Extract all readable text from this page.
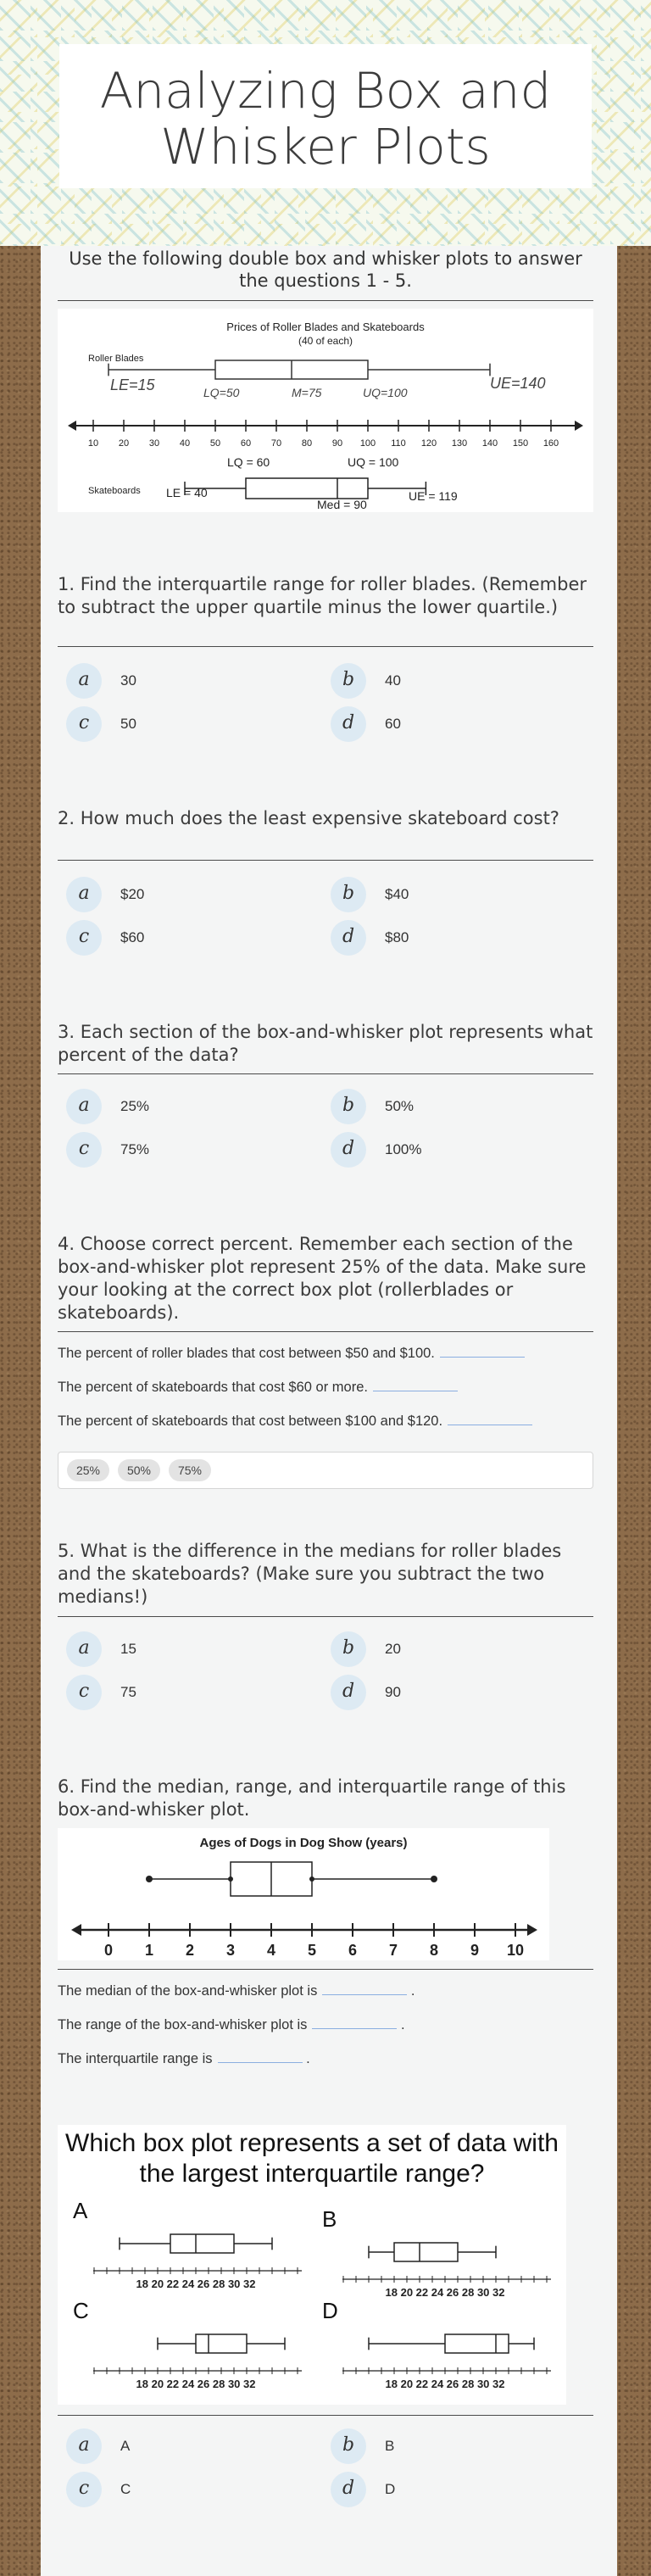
Analyzing Box and Whisker Plots
Use the following double box and whisker plots to answer the questions 1 - 5.
Prices of Roller Blades and Skateboards
(40 of each)
Roller Blades
Skateboards
10 20 30 40 50 60 70 80 90 100 110 120 130 140 150 160
LE=15	LQ=50	M=75	UQ=100
UE=140
LQ = 60	UQ = 100
LE = 40
Med = 90
UE = 119
1. Find the interquartile range for roller blades. (Remember to subtract the upper quartile minus the lower quartile.)
a	30	b	40
c	50	d	60
2. How much does the least expensive skateboard cost?
a	$20	b	$40
c	$60	d	$80
3. Each section of the box-and-whisker plot represents what percent of the data?
a	25%	b	50%
c	75%	d	100%
4. Choose correct percent. Remember each section of the box-and-whisker plot represent 25% of the data. Make sure your looking at the correct box plot (rollerblades or skateboards).
The percent of roller blades that cost between $50 and $100.
The percent of skateboards that cost $60 or more.
The percent of skateboards that cost between $100 and $120.
25%	50%	75%
5. What is the difference in the medians for roller blades and the skateboards? (Make sure you subtract the two medians!)
a	15	b	20
c	75	d	90
6. Find the median, range, and interquartile range of this box-and-whisker plot.
Ages of Dogs in Dog Show (years)
0 1 2 3 4 5 6 7 8 9 10
The median of the box-and-whisker plot is	.
The range of the box-and-whisker plot is	.
The interquartile range is	.
Which box plot represents a set of data with the largest interquartile range?
A
18 20 22 24 26 28 30 32
B
18 20 22 24 26 28 30 32
C
18 20 22 24 26 28 30 32
D
18 20 22 24 26 28 30 32
a	A	b	B
c	C	d	D
